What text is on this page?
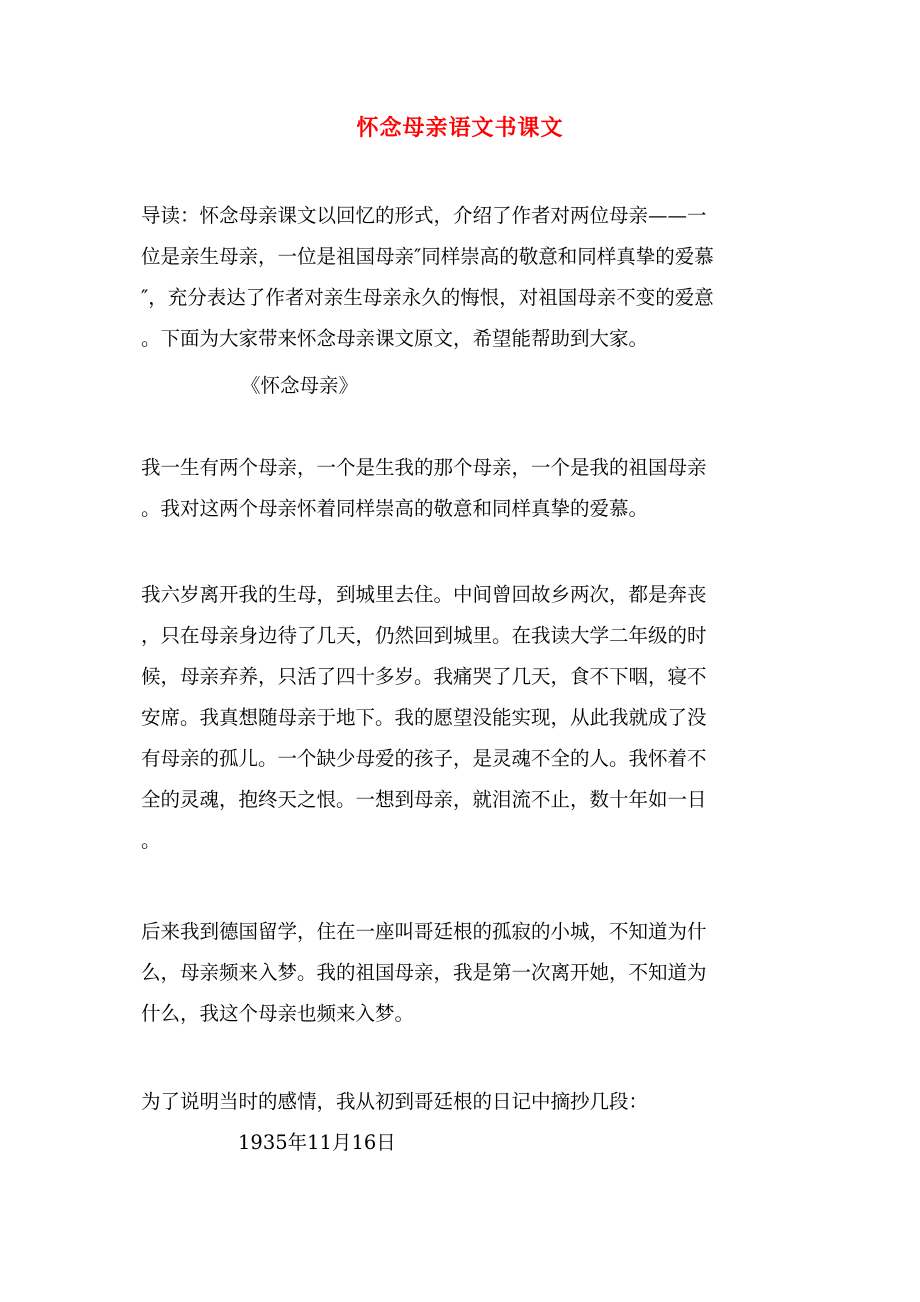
怀念母亲语文书课文
导读：怀念母亲课文以回忆的形式，介绍了作者对两位母亲——一
位是亲生母亲，一位是祖国母亲″同样崇高的敬意和同样真挚的爱慕
″，充分表达了作者对亲生母亲永久的悔恨，对祖国母亲不变的爱意
。下面为大家带来怀念母亲课文原文，希望能帮助到大家。
《怀念母亲》
我一生有两个母亲，一个是生我的那个母亲，一个是我的祖国母亲
。我对这两个母亲怀着同样崇高的敬意和同样真挚的爱慕。
我六岁离开我的生母，到城里去住。中间曾回故乡两次，都是奔丧
，只在母亲身边待了几天，仍然回到城里。在我读大学二年级的时
候，母亲弃养，只活了四十多岁。我痛哭了几天，食不下咽，寝不
安席。我真想随母亲于地下。我的愿望没能实现，从此我就成了没
有母亲的孤儿。一个缺少母爱的孩子，是灵魂不全的人。我怀着不
全的灵魂，抱终天之恨。一想到母亲，就泪流不止，数十年如一日
。
后来我到德国留学，住在一座叫哥廷根的孤寂的小城，不知道为什
么，母亲频来入梦。我的祖国母亲，我是第一次离开她，不知道为
什么，我这个母亲也频来入梦。
为了说明当时的感情，我从初到哥廷根的日记中摘抄几段：
1935年11月16日
